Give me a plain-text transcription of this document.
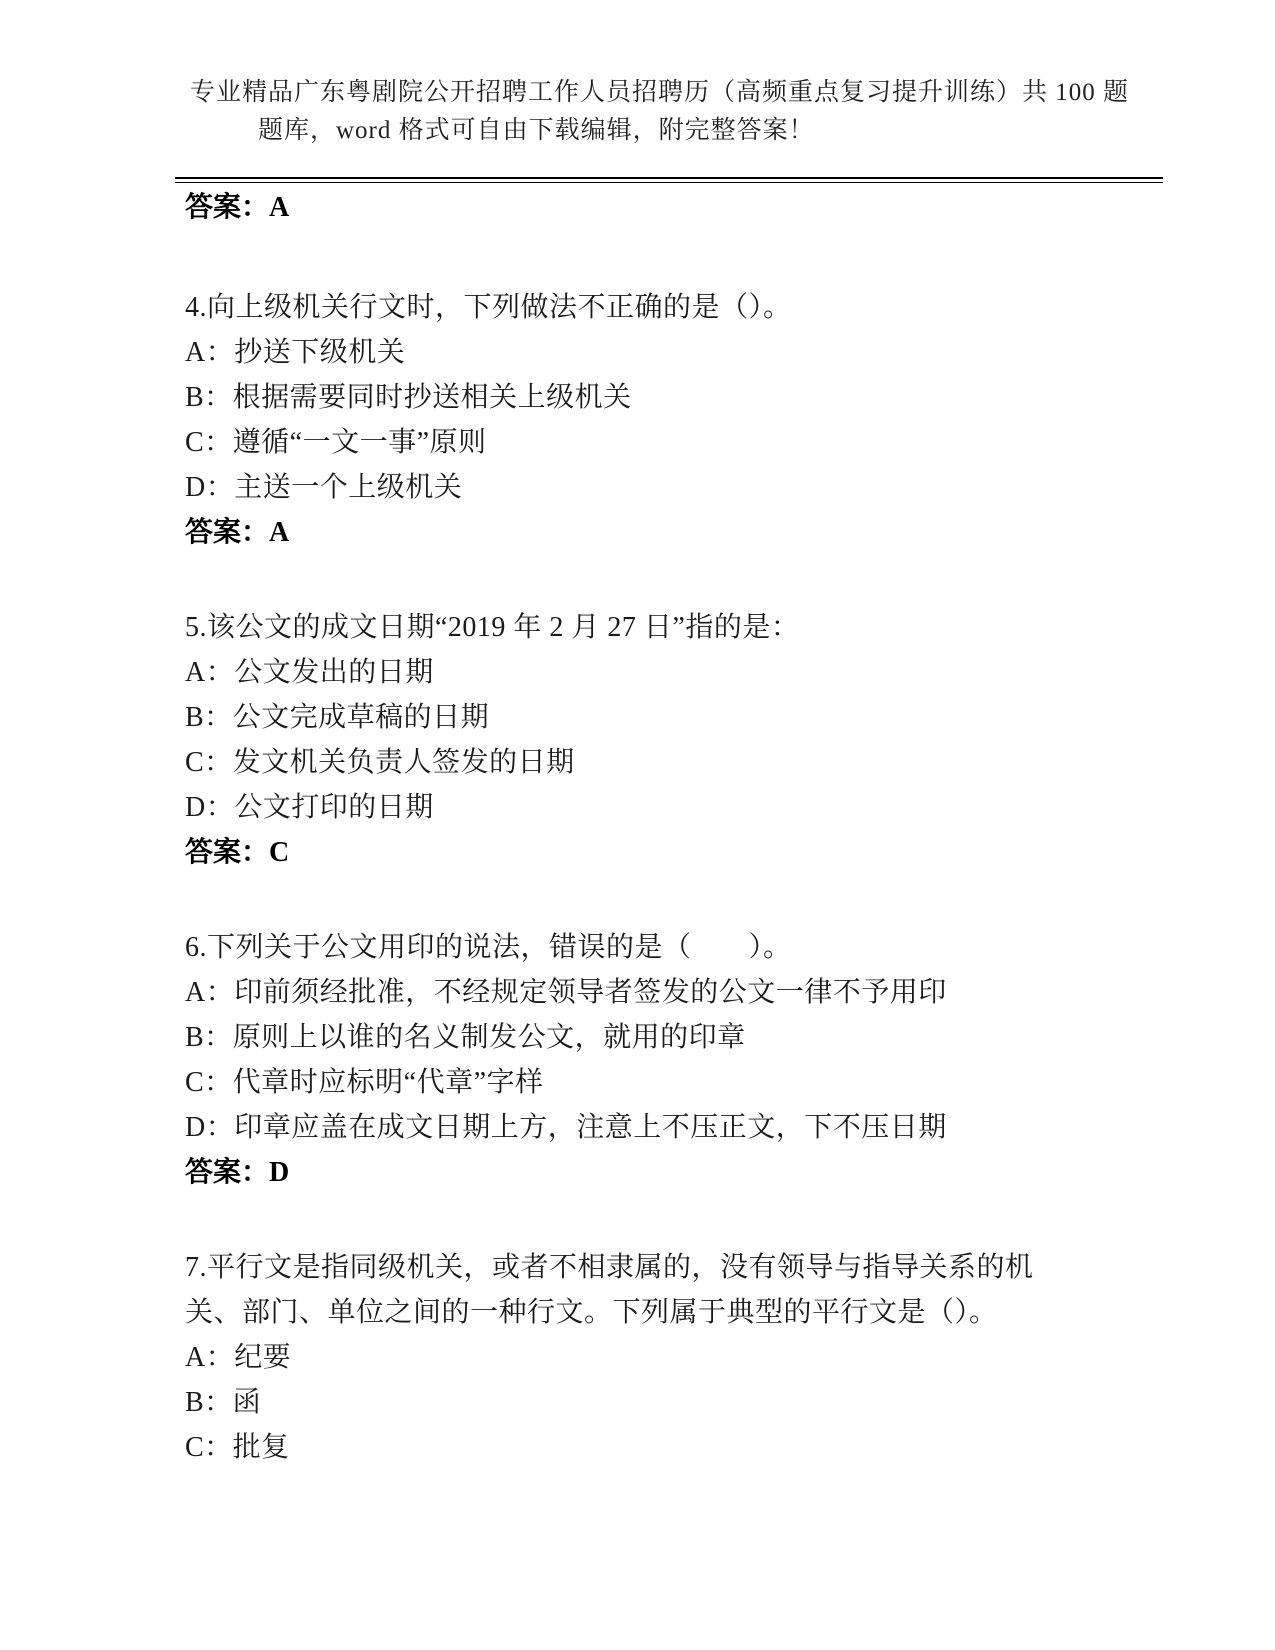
专业精品广东粤剧院公开招聘工作人员招聘历（高频重点复习提升训练）共 100 题
题库，word 格式可自由下载编辑，附完整答案！
答案：A
4.向上级机关行文时，下列做法不正确的是（）。
A：抄送下级机关
B：根据需要同时抄送相关上级机关
C：遵循“一文一事”原则
D：主送一个上级机关
答案：A
5.该公文的成文日期“2019 年 2 月 27 日”指的是：
A：公文发出的日期
B：公文完成草稿的日期
C：发文机关负责人签发的日期
D：公文打印的日期
答案：C
6.下列关于公文用印的说法，错误的是（　　）。
A：印前须经批准，不经规定领导者签发的公文一律不予用印
B：原则上以谁的名义制发公文，就用的印章
C：代章时应标明“代章”字样
D：印章应盖在成文日期上方，注意上不压正文，下不压日期
答案：D
7.平行文是指同级机关，或者不相隶属的，没有领导与指导关系的机关、部门、单位之间的一种行文。下列属于典型的平行文是（）。
A：纪要
B：函
C：批复
